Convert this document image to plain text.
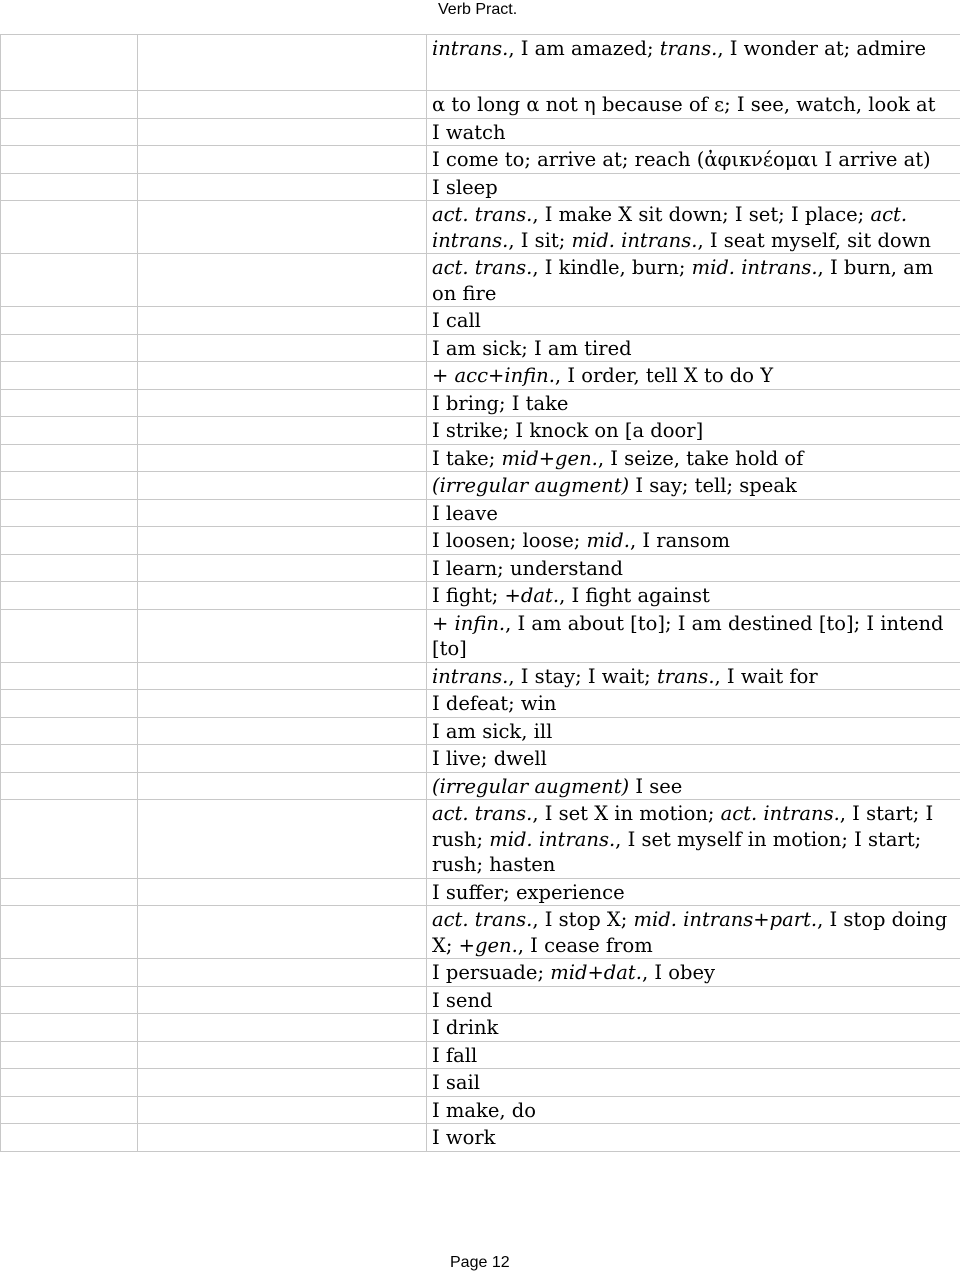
Verb Pract.
		intrans., I am amazed; trans., I wonder at; admire
		α to long α not η because of ε; I see, watch, look at
		I watch
		I come to; arrive at; reach (ἀφικνέομαι I arrive at)
		I sleep
		act. trans., I make X sit down; I set; I place; act. intrans., I sit; mid. intrans., I seat myself, sit down
		act. trans., I kindle, burn; mid. intrans., I burn, am on fire
		I call
		I am sick; I am tired
		+ acc+infin., I order, tell X to do Y
		I bring; I take
		I strike; I knock on [a door]
		I take; mid+gen., I seize, take hold of
		(irregular augment) I say; tell; speak
		I leave
		I loosen; loose; mid., I ransom
		I learn; understand
		I fight; +dat., I fight against
		+ infin., I am about [to]; I am destined [to]; I intend [to]
		intrans., I stay; I wait; trans., I wait for
		I defeat; win
		I am sick, ill
		I live; dwell
		(irregular augment) I see
		act. trans., I set X in motion; act. intrans., I start; I rush; mid. intrans., I set myself in motion; I start; rush; hasten
		I suffer; experience
		act. trans., I stop X; mid. intrans+part., I stop doing X; +gen., I cease from
		I persuade; mid+dat., I obey
		I send
		I drink
		I fall
		I sail
		I make, do
		I work
Page 12
